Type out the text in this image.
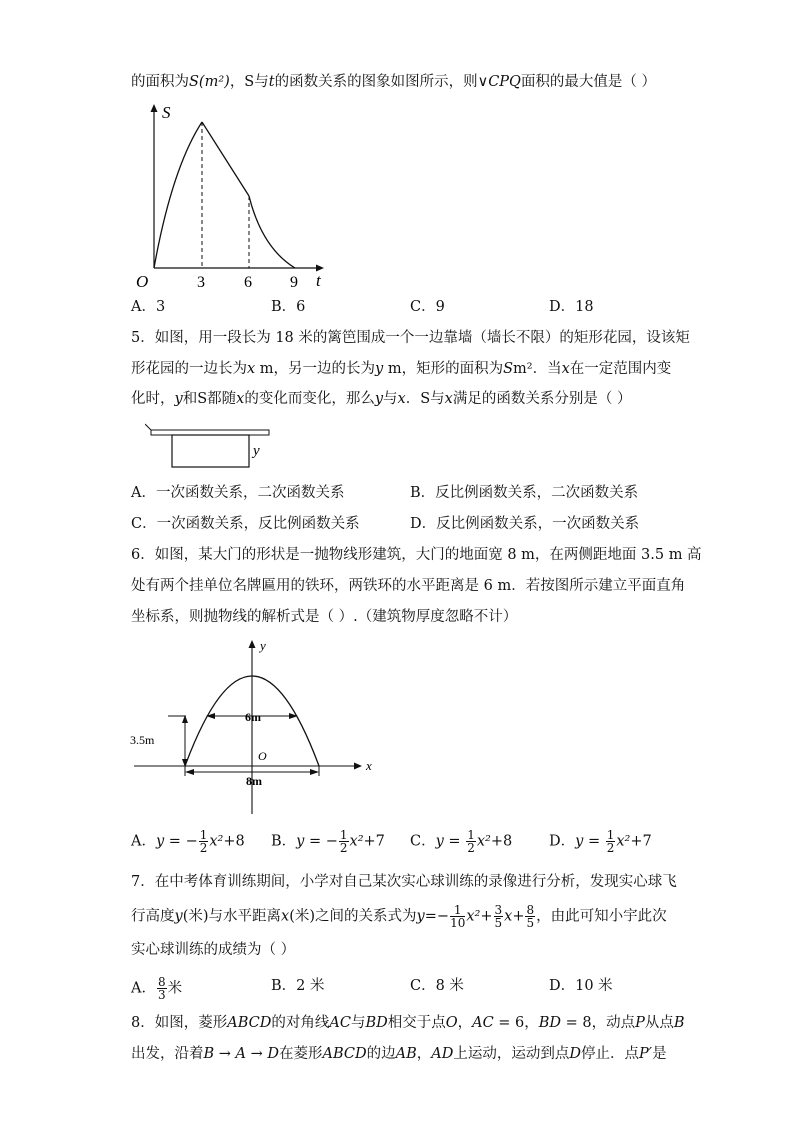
的面积为S(m²)，S与t的函数关系的图象如图所示，则∨CPQ面积的最大值是（ ）
S
t
O	3 6 9
A．3	B．6	C．9	D．18
5．如图，用一段长为 18 米的篱笆围成一个一边靠墙（墙长不限）的矩形花园，设该矩
形花园的一边长为x m，另一边的长为y m，矩形的面积为Sm²．当x在一定范围内变
化时，y和S都随x的变化而变化，那么y与x．S与x满足的函数关系分别是（ ）
y
A．一次函数关系，二次函数关系	B．反比例函数关系，二次函数关系
C．一次函数关系，反比例函数关系	D．反比例函数关系，一次函数关系
6．如图，某大门的形状是一抛物线形建筑，大门的地面宽 8 m，在两侧距地面 3.5 m 高
处有两个挂单位名牌匾用的铁环，两铁环的水平距离是 6 m．若按图所示建立平面直角
坐标系，则抛物线的解析式是（ ）.（建筑物厚度忽略不计）
6m
8m
3.5m
O
y
x
A．y = − $\frac{1}{2} x^2+8$ B．y = − $\frac{1}{2} x^2+7$ C．$y = \frac{1}{2} x^2+8$	D．$y = \frac{1}{2} x^2+7$
7．在中考体育训练期间，小学对自己某次实心球训练的录像进行分析，发现实心球飞
行高度y(米)与水平距离x(米)之间的关系式为$y=- \frac{1}{10} x^2+ \frac{3}{5} x+ \frac{8}{5}$ ，由此可知小宇此次
实心球训练的成绩为（ ）
A． $\frac{8}{3}$ 米	B．2 米	C．8 米	D．10 米
8．如图，菱形ABCD的对角线AC与BD相交于点O，AC = 6，BD = 8，动点P从点B
出发，沿着B → A → D在菱形ABCD的边AB，AD上运动，运动到点D停止．点P′是
